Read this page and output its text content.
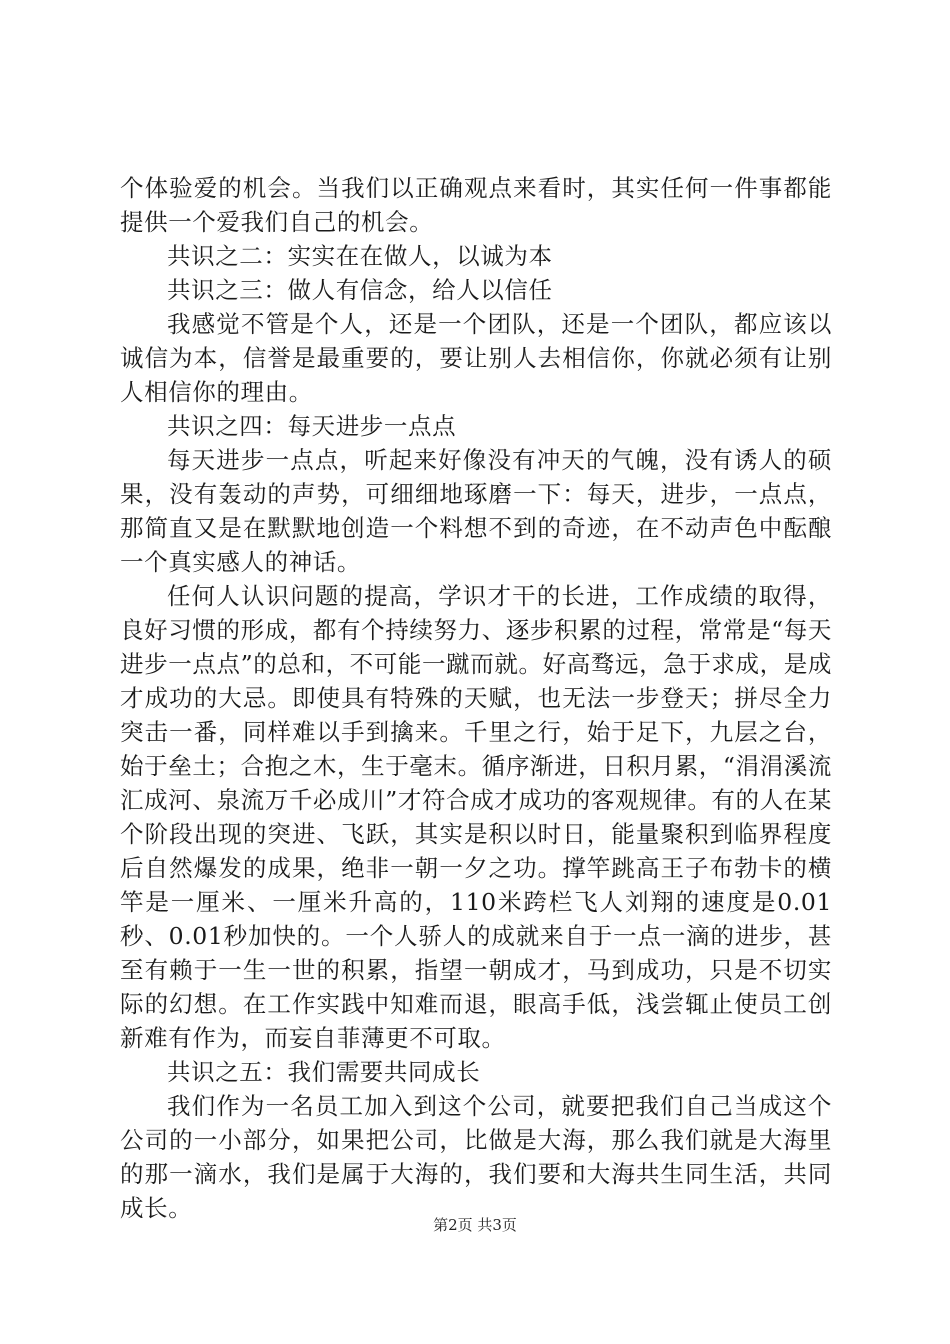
个体验爱的机会。当我们以正确观点来看时，其实任何一件事都能提供一个爱我们自己的机会。

共识之二：实实在在做人，以诚为本

共识之三：做人有信念，给人以信任

我感觉不管是个人，还是一个团队，还是一个团队，都应该以诚信为本，信誉是最重要的，要让别人去相信你，你就必须有让别人相信你的理由。

共识之四：每天进步一点点

每天进步一点点，听起来好像没有冲天的气魄，没有诱人的硕果，没有轰动的声势，可细细地琢磨一下：每天，进步，一点点，那简直又是在默默地创造一个料想不到的奇迹，在不动声色中酝酿一个真实感人的神话。

任何人认识问题的提高，学识才干的长进，工作成绩的取得，良好习惯的形成，都有个持续努力、逐步积累的过程，常常是“每天进步一点点”的总和，不可能一蹴而就。好高骛远，急于求成，是成才成功的大忌。即使具有特殊的天赋，也无法一步登天；拼尽全力突击一番，同样难以手到擒来。千里之行，始于足下，九层之台，始于垒土；合抱之木，生于毫末。循序渐进，日积月累，“涓涓溪流汇成河、泉流万千必成川”才符合成才成功的客观规律。有的人在某个阶段出现的突进、飞跃，其实是积以时日，能量聚积到临界程度后自然爆发的成果，绝非一朝一夕之功。撑竿跳高王子布勃卡的横竿是一厘米、一厘米升高的，110米跨栏飞人刘翔的速度是0.01秒、0.01秒加快的。一个人骄人的成就来自于一点一滴的进步，甚至有赖于一生一世的积累，指望一朝成才，马到成功，只是不切实际的幻想。在工作实践中知难而退，眼高手低，浅尝辄止使员工创新难有作为，而妄自菲薄更不可取。

共识之五：我们需要共同成长

我们作为一名员工加入到这个公司，就要把我们自己当成这个公司的一小部分，如果把公司，比做是大海，那么我们就是大海里的那一滴水，我们是属于大海的，我们要和大海共生同生活，共同成长。

第2页 共3页
